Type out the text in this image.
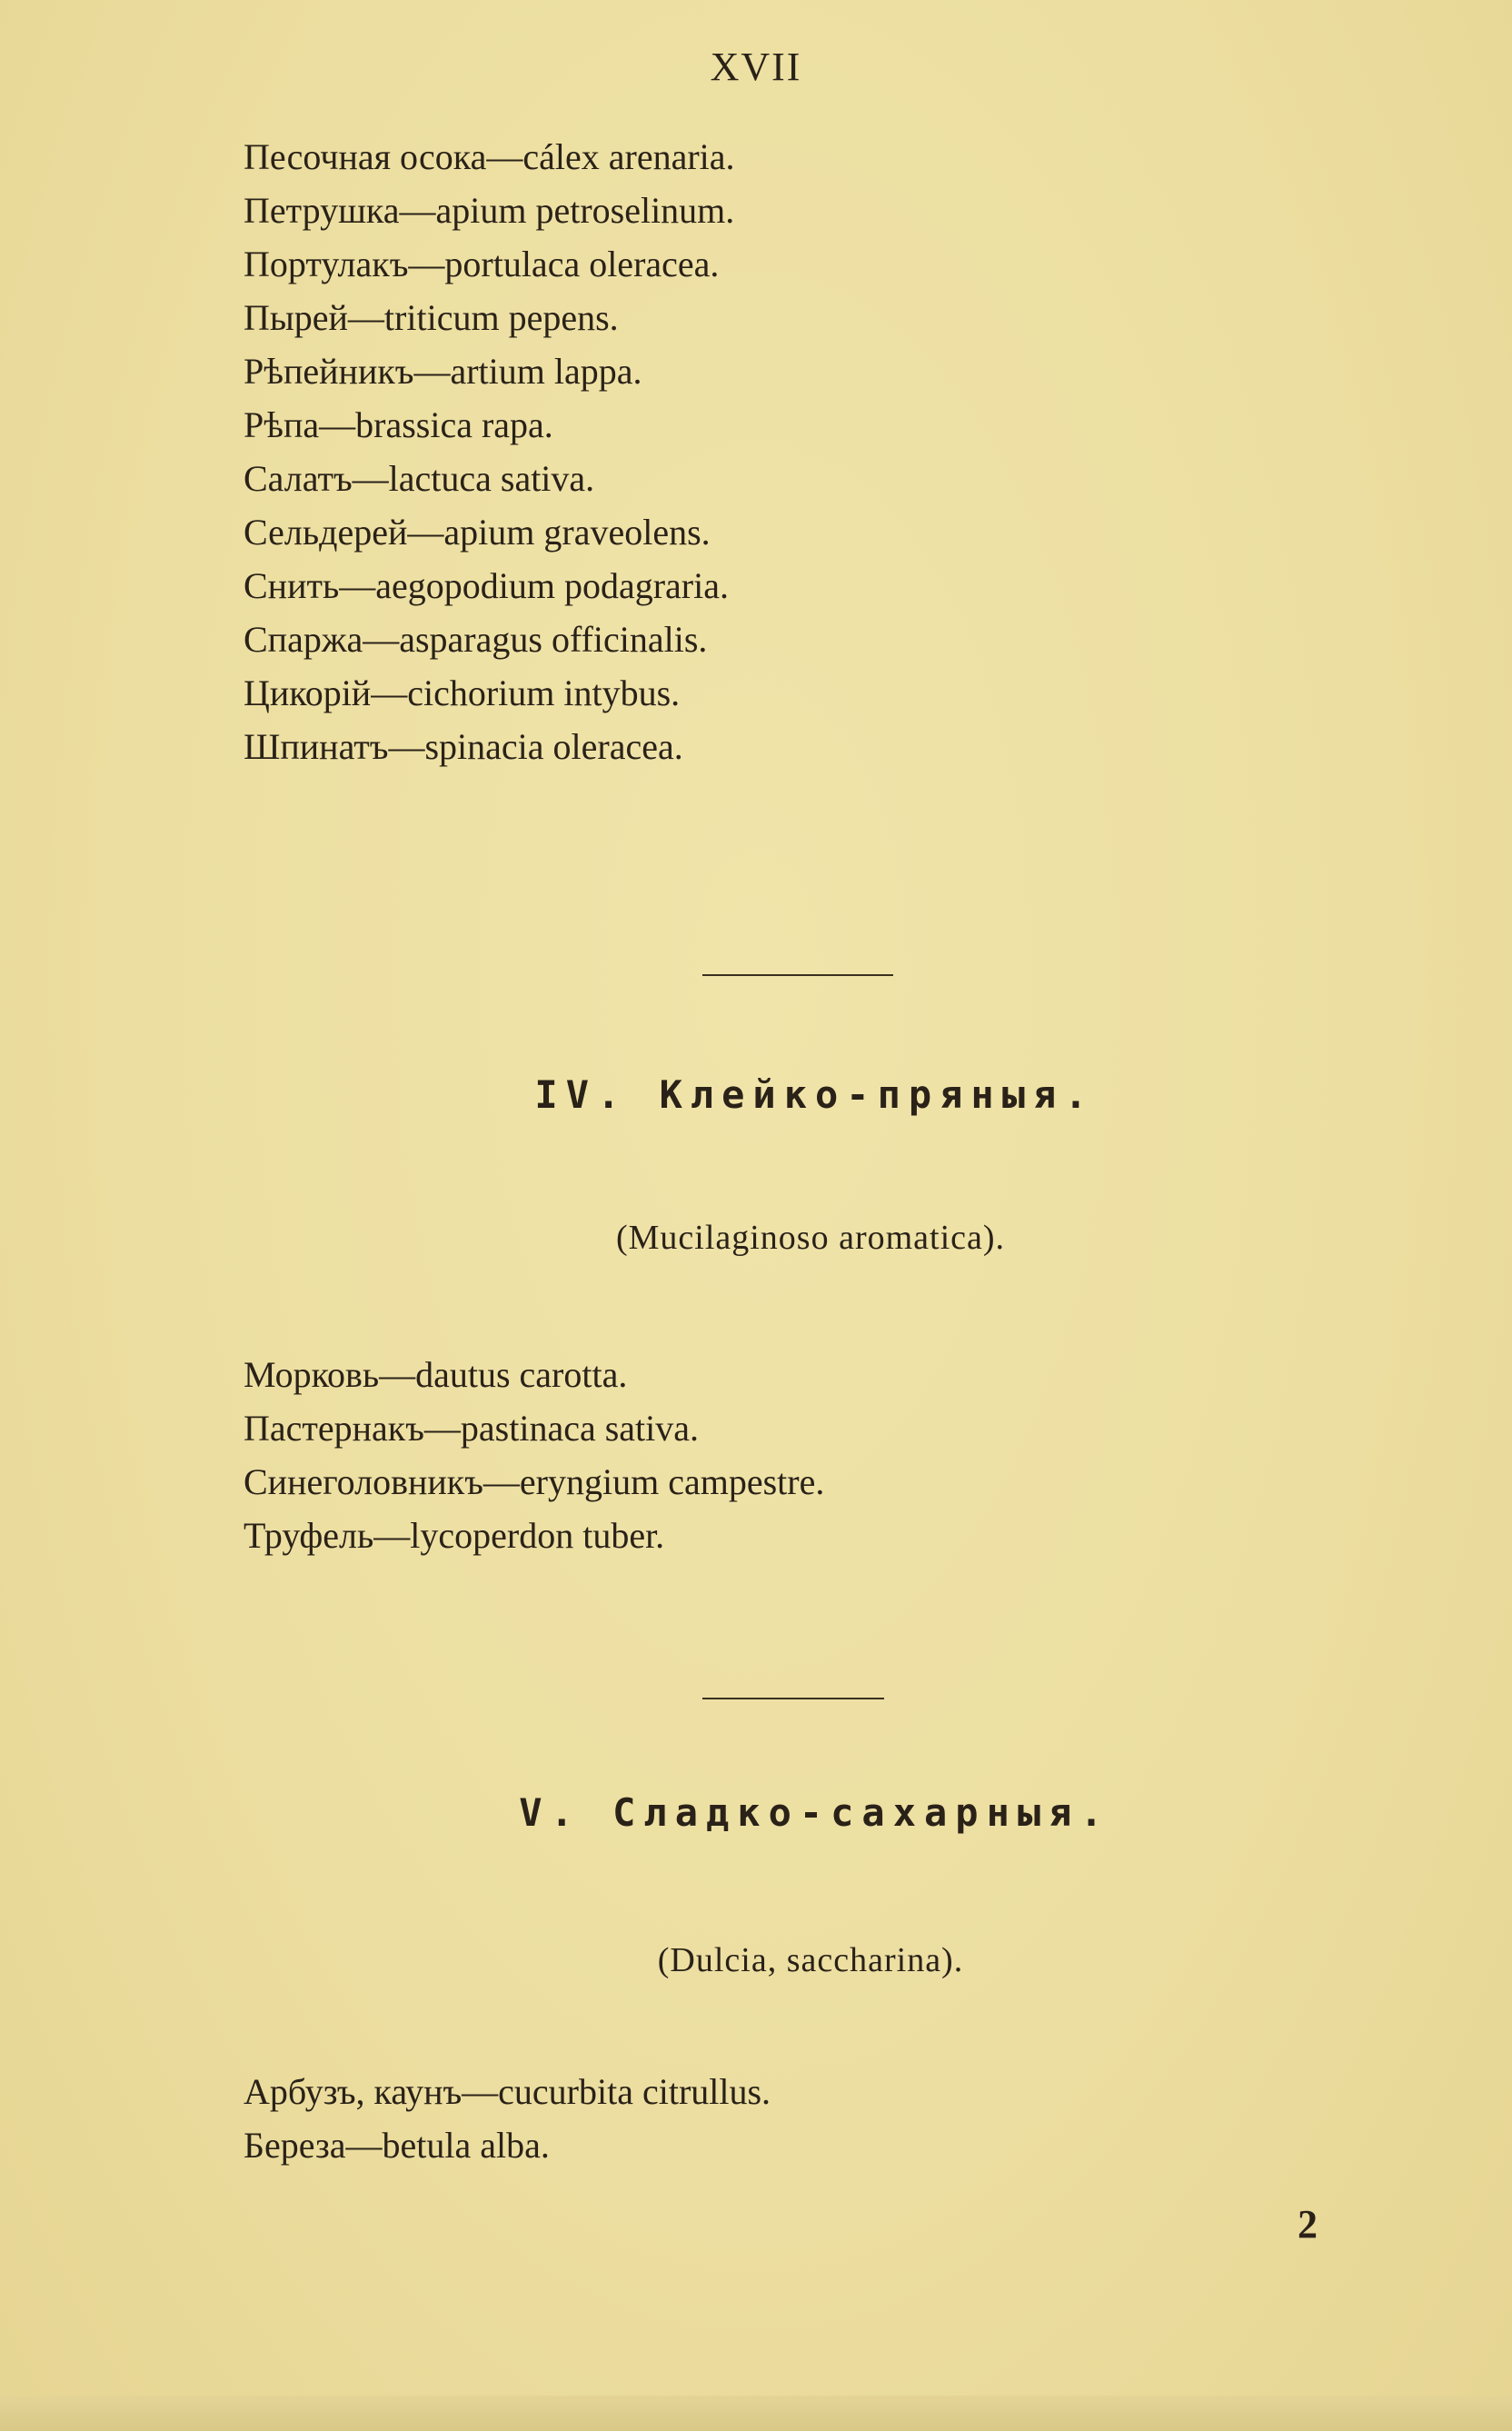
XVII
Песочная осока—cálex arenaria.
Петрушка—apium petroselinum.
Портулакъ—portulaca oleracea.
Пырей—triticum pepens.
Рѣпейникъ—artium lappa.
Рѣпа—brassica rapa.
Салатъ—lactuca sativa.
Сельдерей—apium graveolens.
Снить—aegopodium podagraria.
Спаржа—asparagus officinalis.
Цикорій—cichorium intybus.
Шпинатъ—spinacia oleracea.
IV. Клейко-пряныя.
(Mucilaginoso aromatica).
Морковь—dautus carotta.
Пастернакъ—pastinaca sativa.
Синеголовникъ—eryngium campestre.
Труфель—lycoperdon tuber.
V. Сладко-сахарныя.
(Dulcia, saccharina).
Арбузъ, каунъ—cucurbita citrullus.
Береза—betula alba.
2
